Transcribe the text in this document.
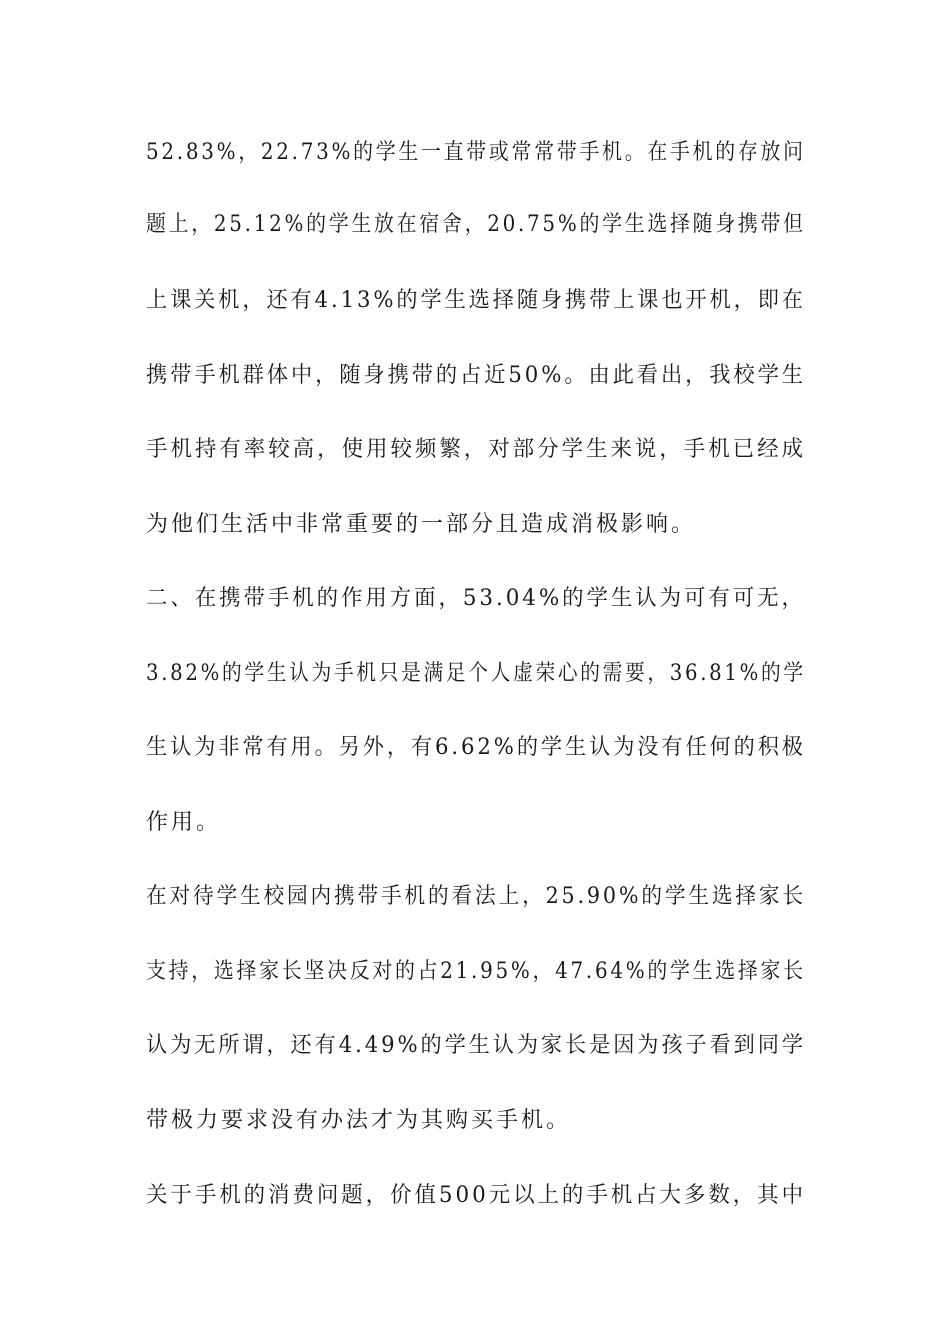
52.83%，22.73%的学生一直带或常常带手机。在手机的存放问
题上，25.12%的学生放在宿舍，20.75%的学生选择随身携带但
上课关机，还有4.13%的学生选择随身携带上课也开机，即在
携带手机群体中，随身携带的占近50%。由此看出，我校学生
手机持有率较高，使用较频繁，对部分学生来说，手机已经成
为他们生活中非常重要的一部分且造成消极影响。
二、在携带手机的作用方面，53.04%的学生认为可有可无，
3.82%的学生认为手机只是满足个人虚荣心的需要，36.81%的学
生认为非常有用。另外，有6.62%的学生认为没有任何的积极
作用。
在对待学生校园内携带手机的看法上，25.90%的学生选择家长
支持，选择家长坚决反对的占21.95%，47.64%的学生选择家长
认为无所谓，还有4.49%的学生认为家长是因为孩子看到同学
带极力要求没有办法才为其购买手机。
关于手机的消费问题，价值500元以上的手机占大多数，其中
